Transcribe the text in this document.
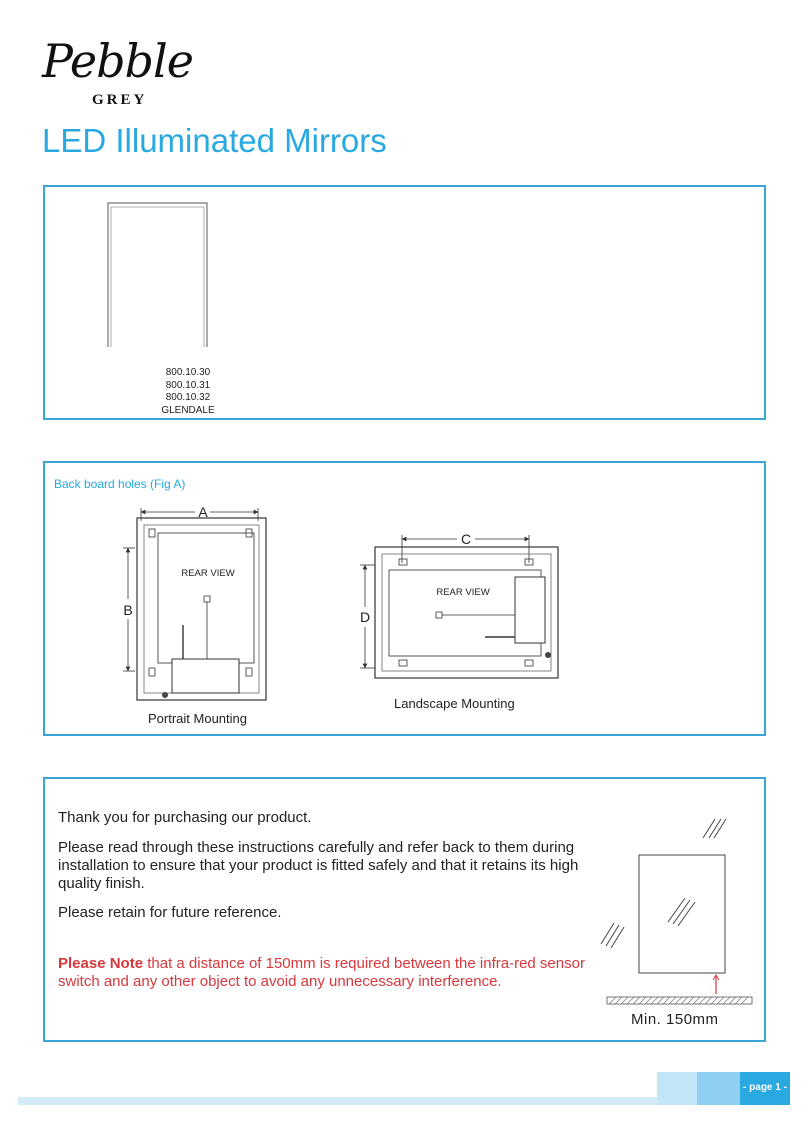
Pebble
GREY
LED Illuminated Mirrors
800.10.30
800.10.31
800.10.32
GLENDALE
Back board holes (Fig A)
A
B
REAR VIEW
Portrait Mounting
C
D
REAR VIEW
Landscape Mounting

Thank you for purchasing our product.

Please read through these instructions carefully and refer back to them during installation to ensure that your product is fitted safely and that it retains its high quality finish.

Please retain for future reference.

Please Note that a distance of 150mm is required between the infra-red sensor switch and any other object to avoid any unnecessary interference.

Min. 150mm
- page 1 -
